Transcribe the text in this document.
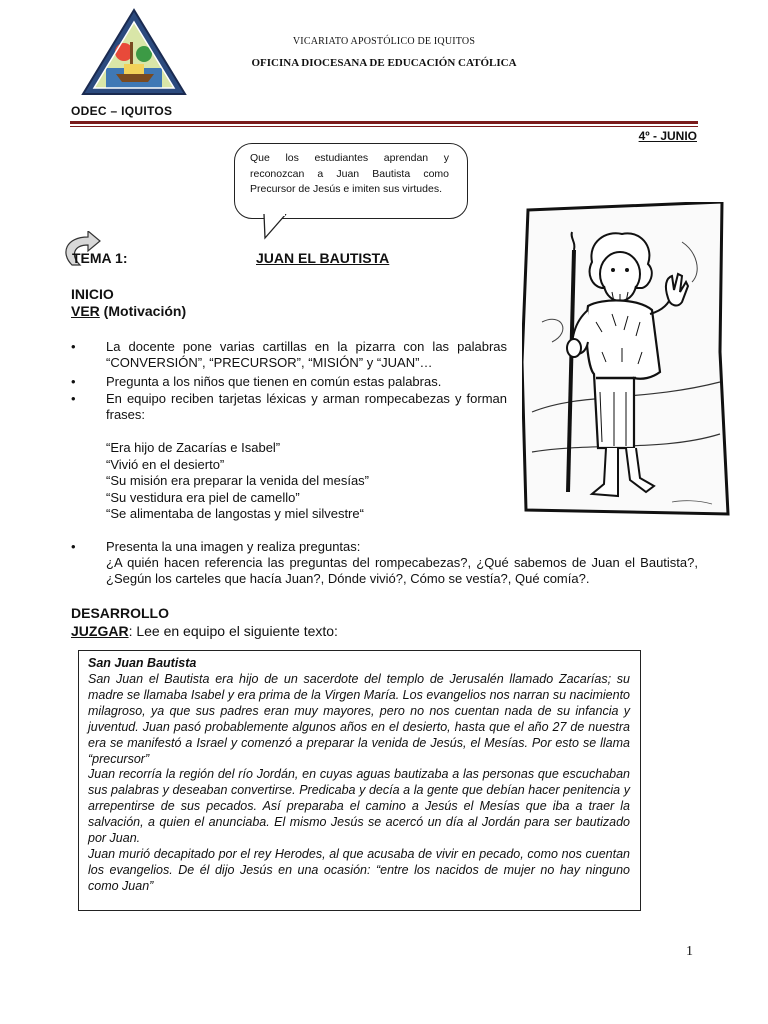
VICARIATO APOSTÓLICO DE IQUITOS
OFICINA DIOCESANA DE EDUCACIÓN CATÓLICA
ODEC – IQUITOS
4º - JUNIO
Que los estudiantes aprendan y reconozcan a Juan Bautista como Precursor de Jesús e imiten sus virtudes.
TEMA 1:	JUAN EL BAUTISTA
INICIO
VER (Motivación)
• La docente pone varias cartillas en la pizarra con las palabras “CONVERSIÓN”, “PRECURSOR”, “MISIÓN” y “JUAN”…
• Pregunta a los niños que tienen en común estas palabras.
• En equipo reciben tarjetas léxicas y arman rompecabezas y forman frases:
“Era hijo de Zacarías e Isabel”
“Vivió en el desierto”
“Su misión era preparar la venida del mesías”
“Su vestidura era piel de camello”
“Se alimentaba de langostas y miel silvestre“
• Presenta la una imagen y realiza preguntas:
¿A quién hacen referencia las preguntas del rompecabezas?, ¿Qué sabemos de Juan el Bautista?, ¿Según los carteles que hacía Juan?, Dónde vivió?, Cómo se vestía?, Qué comía?.
DESARROLLO
JUZGAR: Lee en equipo el siguiente texto:
San Juan Bautista
San Juan el Bautista era hijo de un sacerdote del templo de Jerusalén llamado Zacarías; su madre se llamaba Isabel y era prima de la Virgen María. Los evangelios nos narran su nacimiento milagroso, ya que sus padres eran muy mayores, pero no nos cuentan nada de su infancia y juventud. Juan pasó probablemente algunos años en el desierto, hasta que el año 27 de nuestra era se manifestó a Israel y comenzó a preparar la venida de Jesús, el Mesías. Por esto se llama “precursor”
Juan recorría la región del río Jordán, en cuyas aguas bautizaba a las personas que escuchaban sus palabras y deseaban convertirse. Predicaba y decía a la gente que debían hacer penitencia y arrepentirse de sus pecados. Así preparaba el camino a Jesús el Mesías que iba a traer la salvación, a quien el anunciaba. El mismo Jesús se acercó un día al Jordán para ser bautizado por Juan.
Juan murió decapitado por el rey Herodes, al que acusaba de vivir en pecado, como nos cuentan los evangelios. De él dijo Jesús en una ocasión: “entre los nacidos de mujer no hay ninguno como Juan”
1
